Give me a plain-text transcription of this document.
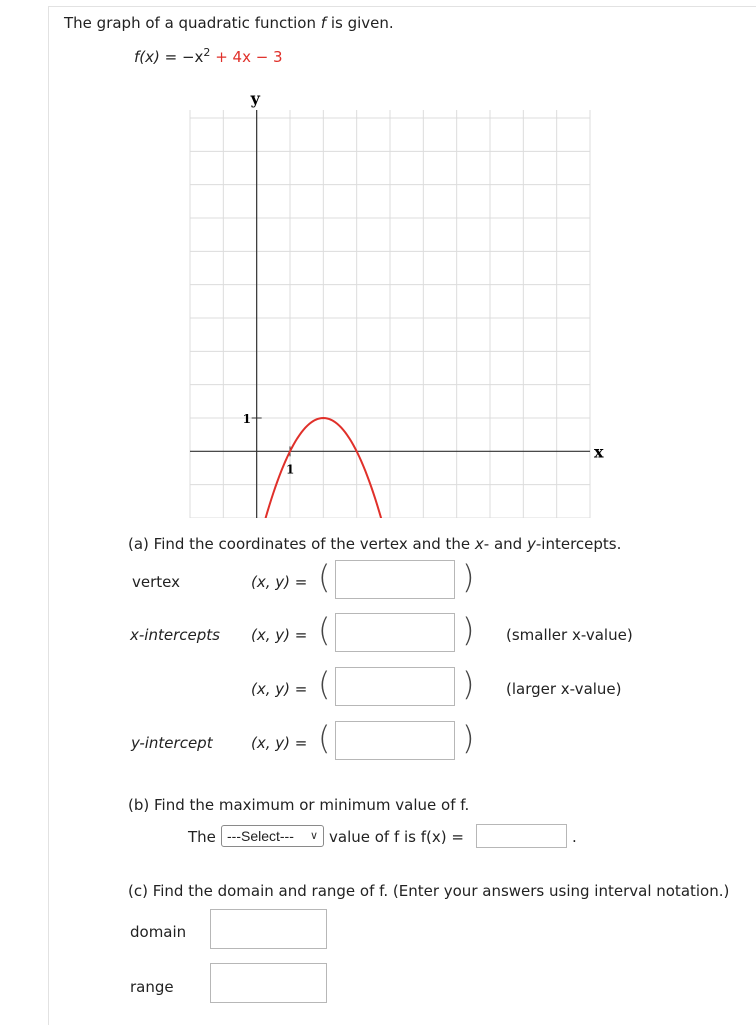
The graph of a quadratic function f is given.
$f(x) = -x^2 + 4x - 3$
y
x
1
1
(a) Find the coordinates of the vertex and the x- and y-intercepts.
vertex	(x, y) = (	)
x-intercepts (x, y) = (	) (smaller x-value)
(x, y) = (	) (larger x-value)
y-intercept	(x, y) = (	)
(b) Find the maximum or minimum value of f.
The ---Select--- ∨ value of f is f(x) =	.
(c) Find the domain and range of f. (Enter your answers using interval notation.)
domain
range
